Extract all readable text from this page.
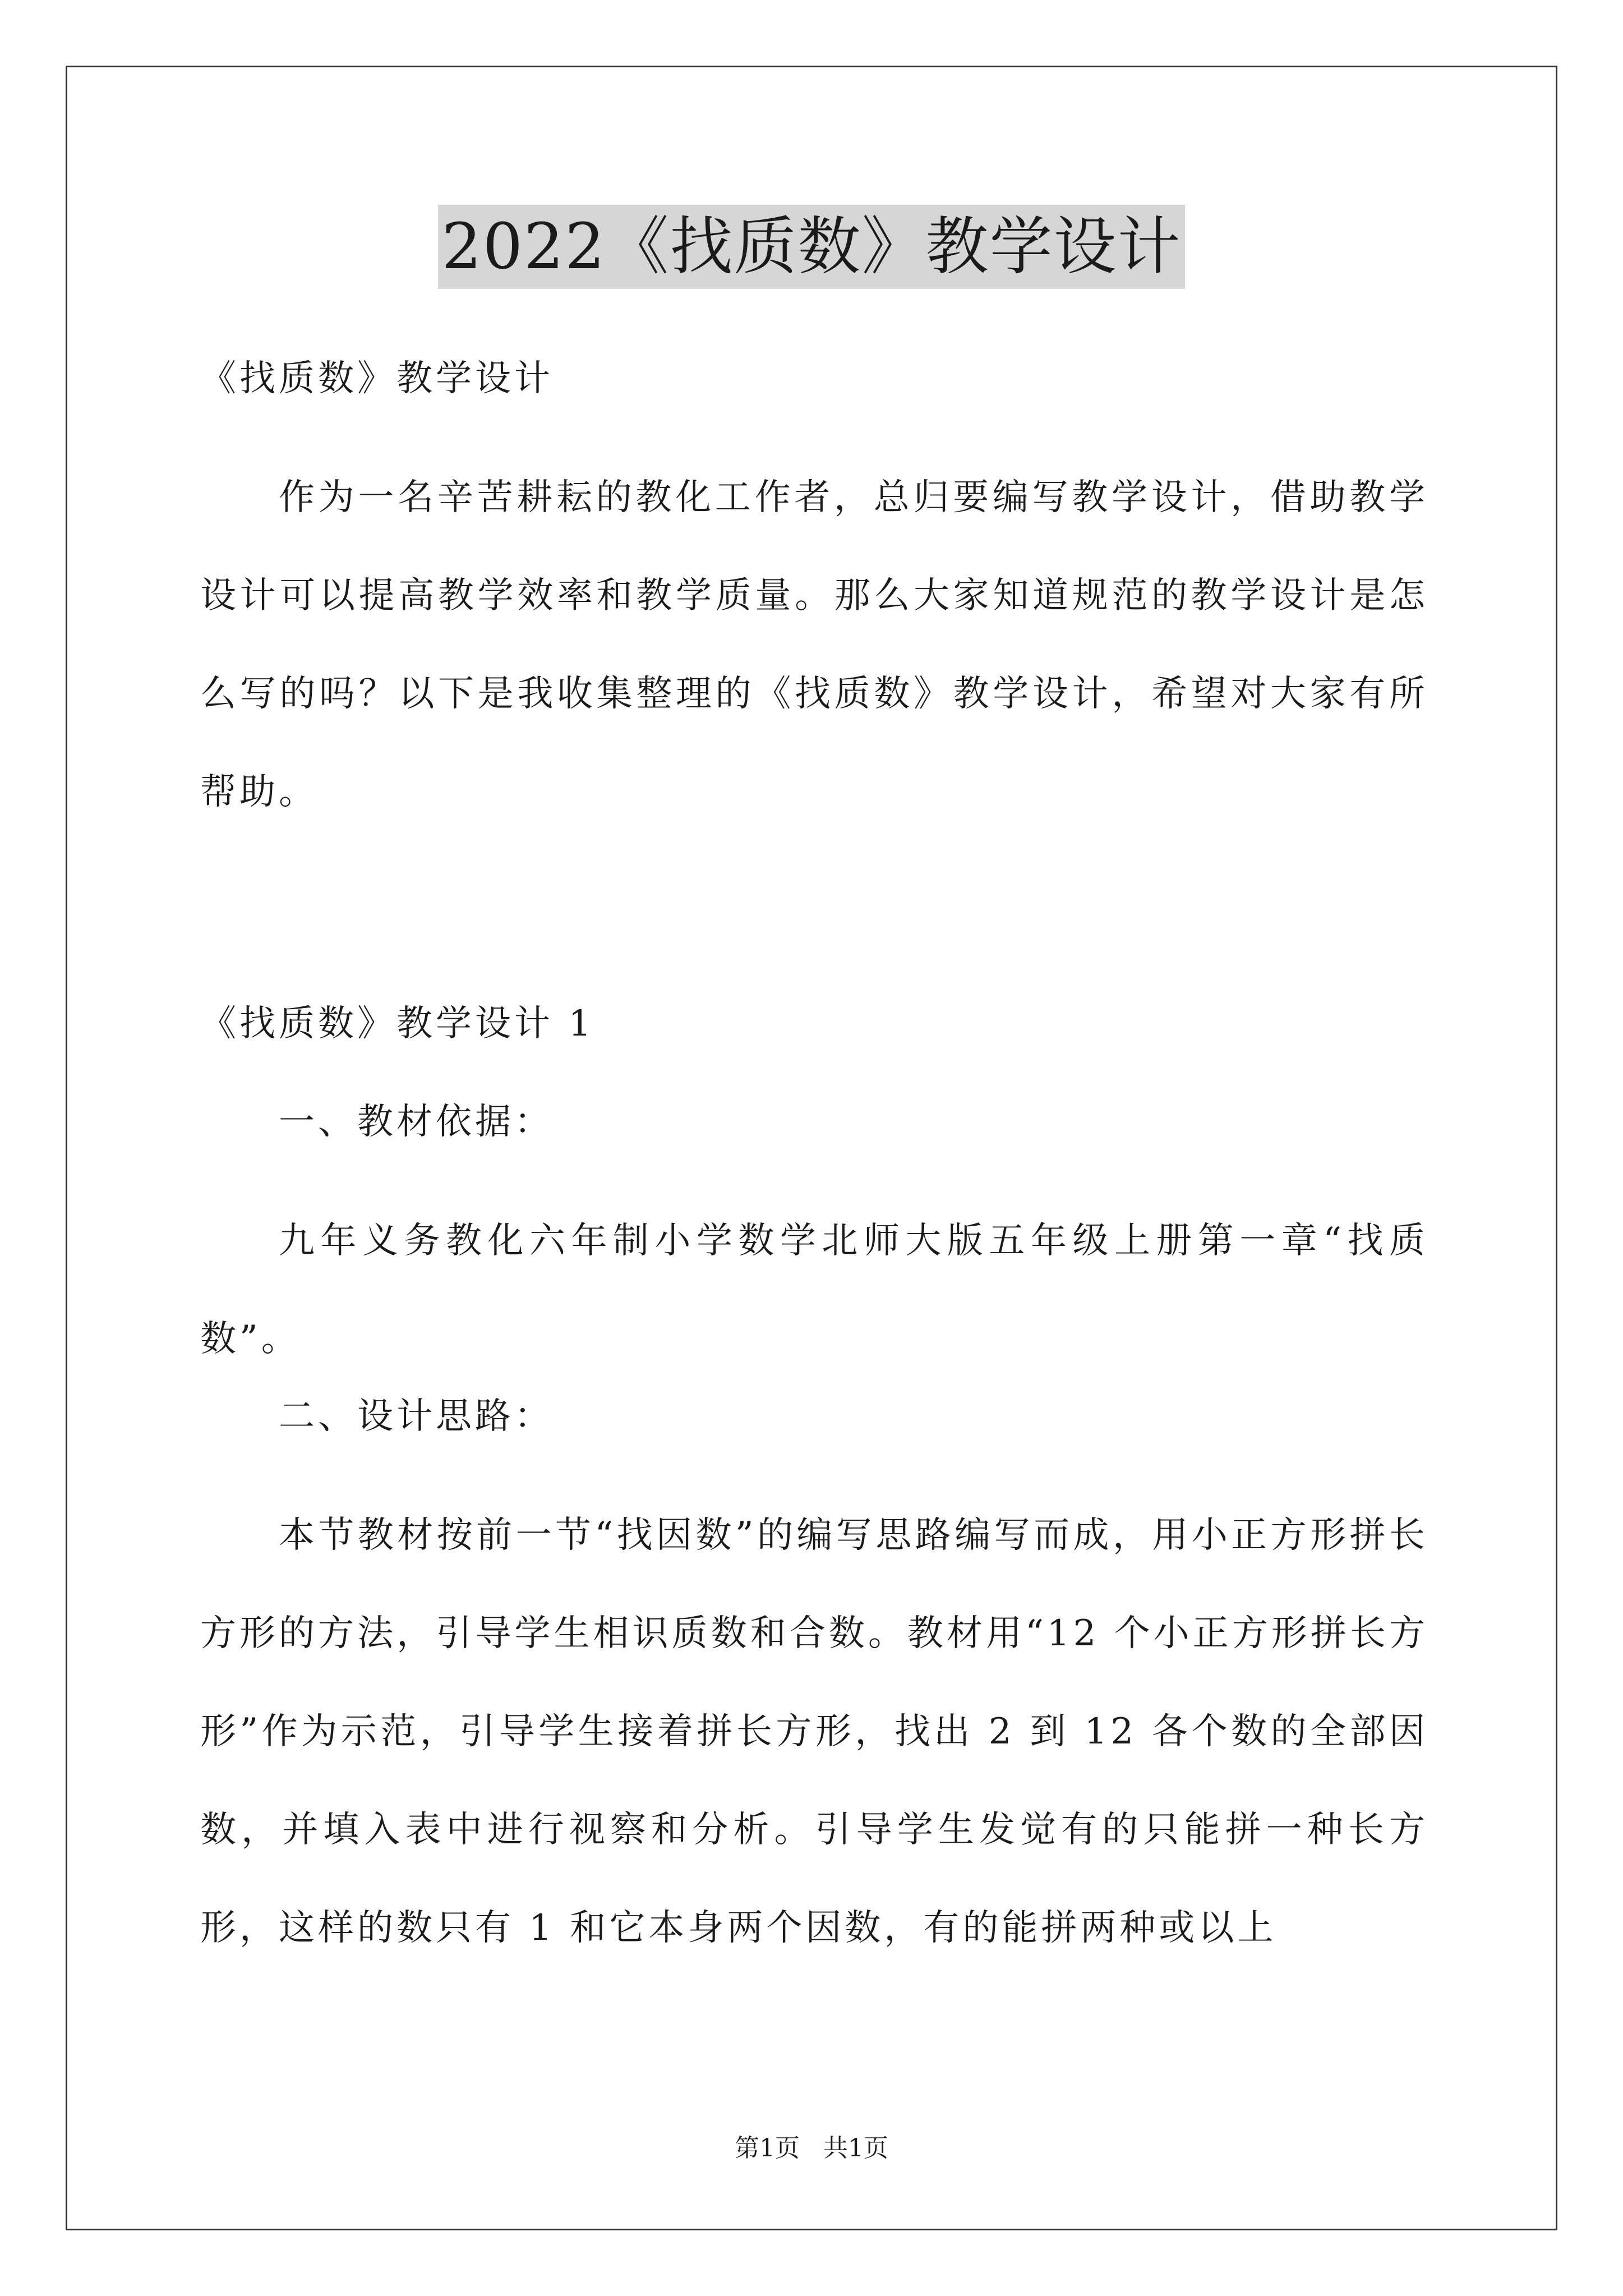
2022《找质数》教学设计

《找质数》教学设计

作为一名辛苦耕耘的教化工作者，总归要编写教学设计，借助教学设计可以提高教学效率和教学质量。那么大家知道规范的教学设计是怎么写的吗？以下是我收集整理的《找质数》教学设计，希望对大家有所帮助。

《找质数》教学设计 1

一、教材依据：

九年义务教化六年制小学数学北师大版五年级上册第一章“找质数”。

二、设计思路：

本节教材按前一节“找因数”的编写思路编写而成，用小正方形拼长方形的方法，引导学生相识质数和合数。教材用“12 个小正方形拼长方形”作为示范，引导学生接着拼长方形，找出 2 到 12 各个数的全部因数，并填入表中进行视察和分析。引导学生发觉有的只能拼一种长方形，这样的数只有 1 和它本身两个因数，有的能拼两种或以上

第1页   共1页
